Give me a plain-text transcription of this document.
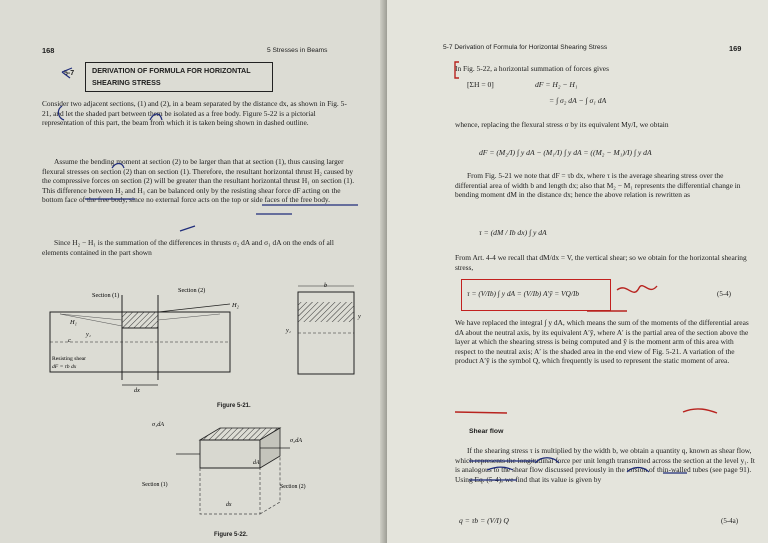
168	5 Stresses in Beams
5-7 DERIVATION OF FORMULA FOR HORIZONTAL
SHEARING STRESS
Consider two adjacent sections, (1) and (2), in a beam separated by the distance dx, as shown in Fig. 5-21, and let the shaded part between them be isolated as a free body. Figure 5-22 is a pictorial representation of this part, the beam from which it is taken being shown in dashed outline.
Assume the bending moment at section (2) to be larger than that at section (1), thus causing larger flexural stresses on section (2) than on section (1). Therefore, the resultant horizontal thrust H₂ caused by the compressive forces on section (2) will be greater than the resultant horizontal thrust H₁ on section (1). This difference between H₂ and H₁ can be balanced only by the resisting shear force dF acting on the bottom face of the free body, since no external force acts on the top or side faces of the free body.
Since H₂ − H₁ is the summation of the differences in thrusts σ₂ dA and σ₁ dA on the ends of all elements contained in the part shown
Section (1)
Section (2)
H₂
H₁
c
y₁
Resisting shear
dF = τb dx
dx
b
y
y₁
Figure 5-21.
σ₁dA
σ₂dA
Section (1)	Section (2)
dA
dx
Figure 5-22.
5-7 Derivation of Formula for Horizontal Shearing Stress	169
In Fig. 5-22, a horizontal summation of forces gives
[ΣH = 0]	dF = H₂ − H₁
= ∫ σ₂ dA − ∫ σ₁ dA
whence, replacing the flexural stress σ by its equivalent My/I, we obtain
dF = (M₂/I) ∫ y dA − (M₁/I) ∫ y dA = ((M₂ − M₁)/I) ∫ y dA
From Fig. 5-21 we note that dF = τb dx, where τ is the average shearing stress over the differential area of width b and length dx; also that M₂ − M₁ represents the differential change in bending moment dM in the distance dx; hence the above relation is rewritten as
τ = (dM / Ib dx) ∫ y dA
From Art. 4-4 we recall that dM/dx = V, the vertical shear; so we obtain for the horizontal shearing stress,
τ = (V/Ib) ∫ y dA = (V/Ib) A′ȳ = VQ/Ib	(5-4)
We have replaced the integral ∫ y dA, which means the sum of the moments of the differential areas dA about the neutral axis, by its equivalent A′ȳ, where A′ is the partial area of the section above the layer at which the shearing stress is being computed and ȳ is the moment arm of this area with respect to the neutral axis; A′ is the shaded area in the end view of Fig. 5-21. A variation of the product A′ȳ is the symbol Q, which frequently is used to represent the static moment of area.
Shear flow
If the shearing stress τ is multiplied by the width b, we obtain a quantity q, known as shear flow, which represents the longitudinal force per unit length transmitted across the section at the level y₁. It is analogous to the shear flow discussed previously in the torsion of thin-walled tubes (see page 91). Using Eq. (5-4), we find that its value is given by
q = τb = (V/I) Q	(5-4a)
